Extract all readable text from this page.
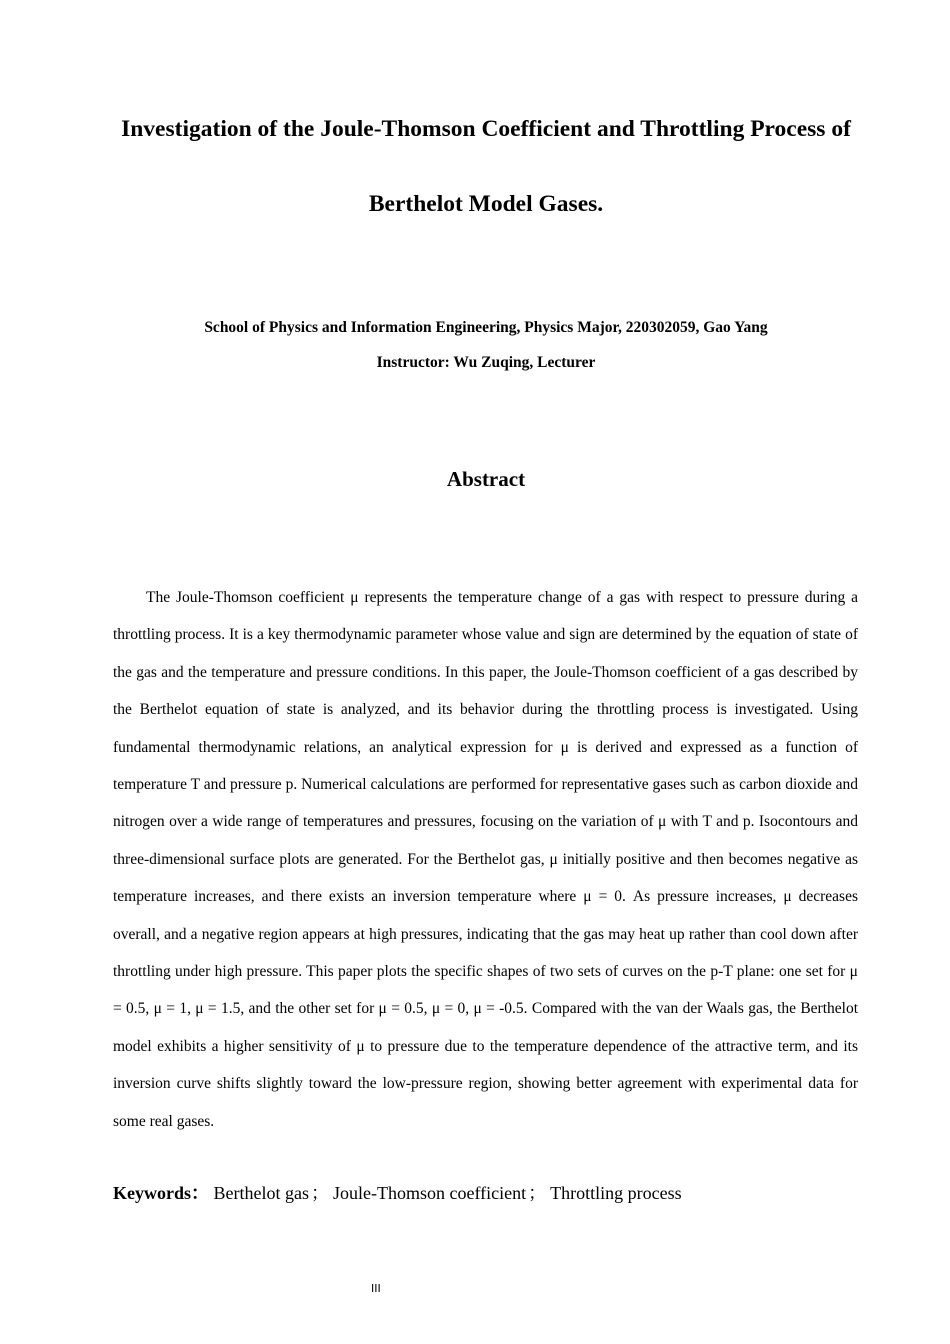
Investigation of the Joule-Thomson Coefficient and Throttling Process of Berthelot Model Gases.

School of Physics and Information Engineering, Physics Major, 220302059, Gao Yang

Instructor: Wu Zuqing, Lecturer

Abstract

The Joule-Thomson coefficient μ represents the temperature change of a gas with respect to pressure during a throttling process. It is a key thermodynamic parameter whose value and sign are determined by the equation of state of the gas and the temperature and pressure conditions. In this paper, the Joule-Thomson coefficient of a gas described by the Berthelot equation of state is analyzed, and its behavior during the throttling process is investigated. Using fundamental thermodynamic relations, an analytical expression for μ is derived and expressed as a function of temperature T and pressure p. Numerical calculations are performed for representative gases such as carbon dioxide and nitrogen over a wide range of temperatures and pressures, focusing on the variation of μ with T and p. Isocontours and three-dimensional surface plots are generated. For the Berthelot gas, μ initially positive and then becomes negative as temperature increases, and there exists an inversion temperature where μ = 0. As pressure increases, μ decreases overall, and a negative region appears at high pressures, indicating that the gas may heat up rather than cool down after throttling under high pressure. This paper plots the specific shapes of two sets of curves on the p-T plane: one set for μ = 0.5, μ = 1, μ = 1.5, and the other set for μ = 0.5, μ = 0, μ = -0.5. Compared with the van der Waals gas, the Berthelot model exhibits a higher sensitivity of μ to pressure due to the temperature dependence of the attractive term, and its inversion curve shifts slightly toward the low-pressure region, showing better agreement with experimental data for some real gases.

Keywords： Berthelot gas ； Joule-Thomson coefficient ； Throttling process

III
